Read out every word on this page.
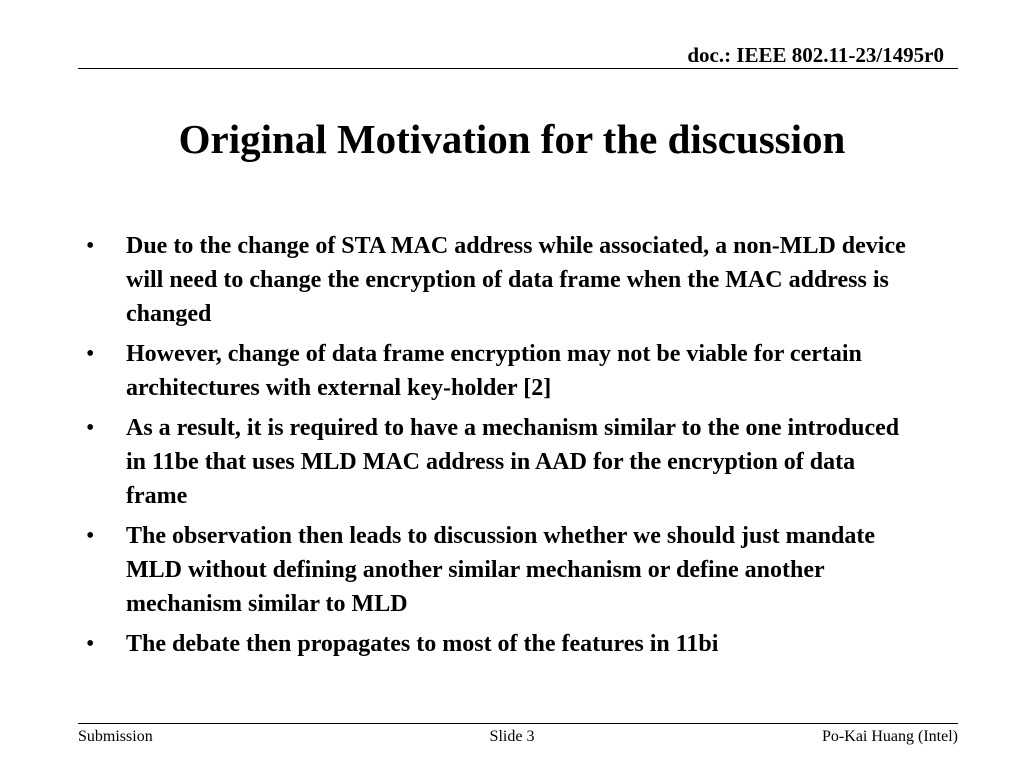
doc.: IEEE 802.11-23/1495r0
Original Motivation for the discussion
• Due to the change of STA MAC address while associated, a non-MLD device will need to change the encryption of data frame when the MAC address is changed
• However, change of data frame encryption may not be viable for certain architectures with external key-holder [2]
• As a result, it is required to have a mechanism similar to the one introduced in 11be that uses MLD MAC address in AAD for the encryption of data frame
• The observation then leads to discussion whether we should just mandate MLD without defining another similar mechanism or define another mechanism similar to MLD
• The debate then propagates to most of the features in 11bi
Submission	Slide 3	Po-Kai Huang (Intel)
